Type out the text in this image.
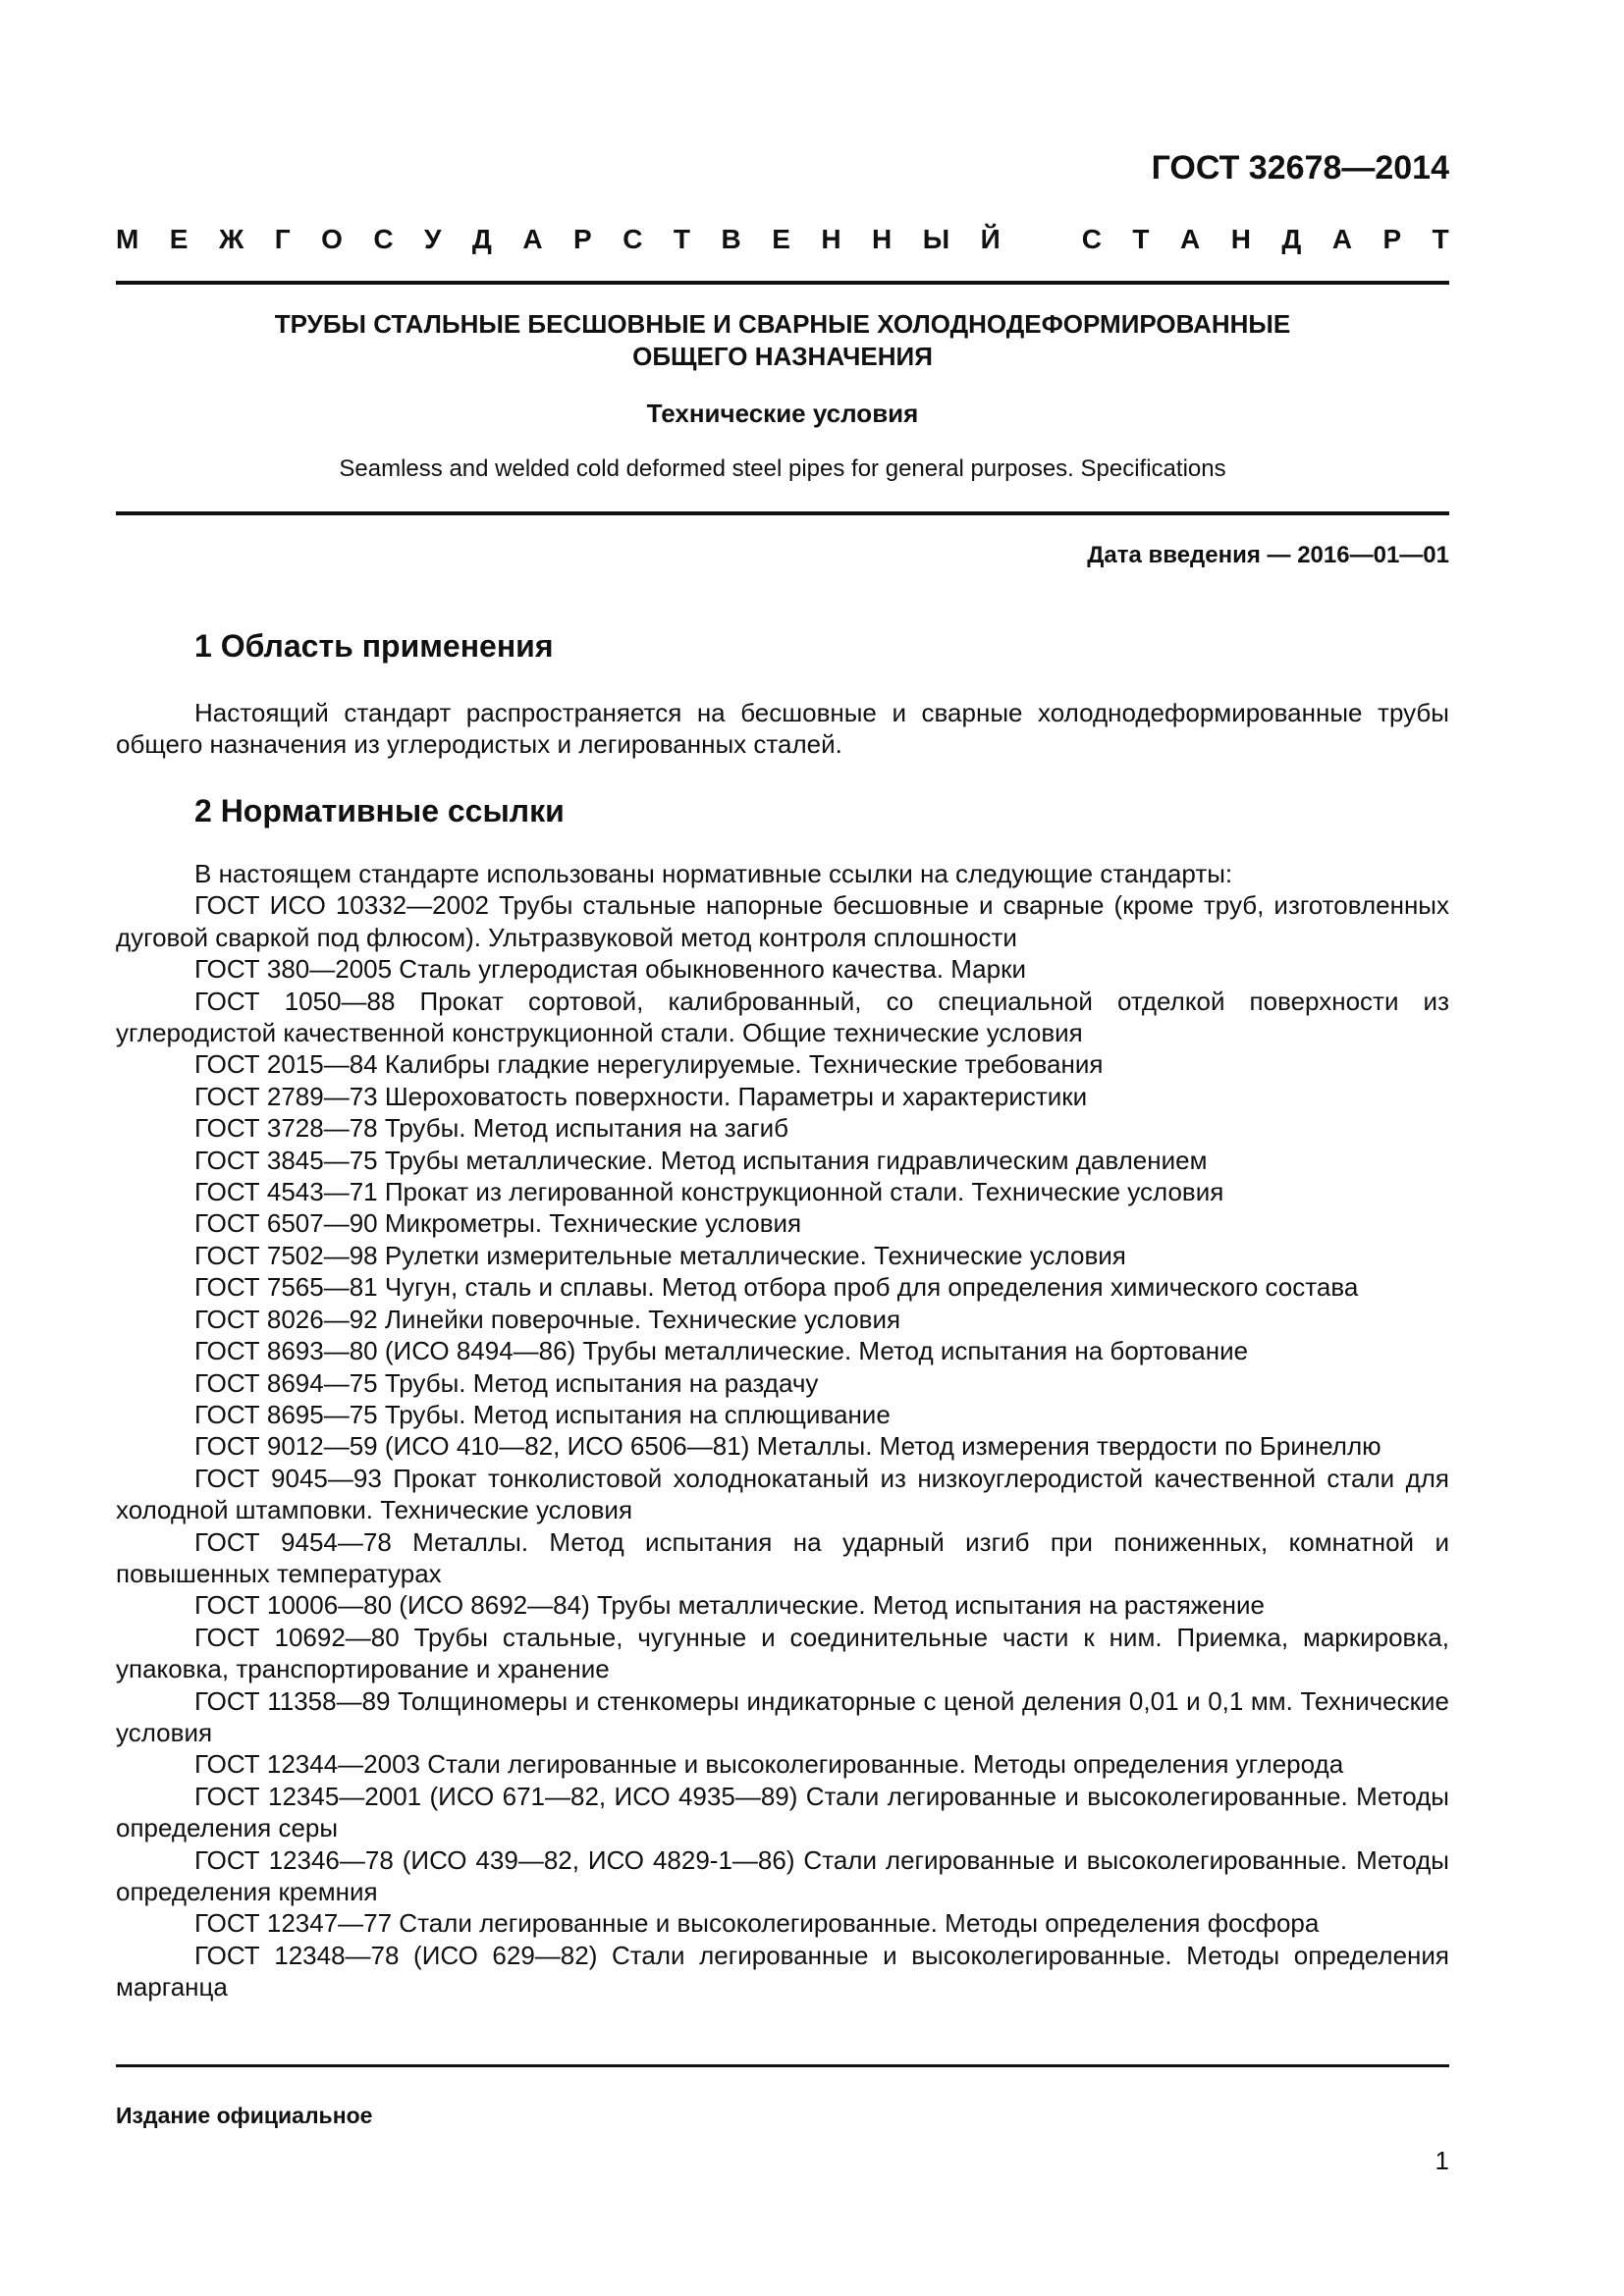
ГОСТ 32678—2014
М Е Ж Г О С У Д А Р С Т В Е Н Н Ы Й	С Т А Н Д А Р Т
ТРУБЫ СТАЛЬНЫЕ БЕСШОВНЫЕ И СВАРНЫЕ ХОЛОДНОДЕФОРМИРОВАННЫЕ
ОБЩЕГО НАЗНАЧЕНИЯ
Технические условия
Seamless and welded cold deformed steel pipes for general purposes. Specifications
Дата введения — 2016—01—01
1 Область применения

Настоящий стандарт распространяется на бесшовные и сварные холоднодеформированные трубы общего назначения из углеродистых и легированных сталей.

2 Нормативные ссылки

В настоящем стандарте использованы нормативные ссылки на следующие стандарты:

ГОСТ ИСО 10332—2002 Трубы стальные напорные бесшовные и сварные (кроме труб, изготовленных дуговой сваркой под флюсом). Ультразвуковой метод контроля сплошности

ГОСТ 380—2005 Сталь углеродистая обыкновенного качества. Марки

ГОСТ 1050—88 Прокат сортовой, калиброванный, со специальной отделкой поверхности из углеродистой качественной конструкционной стали. Общие технические условия

ГОСТ 2015—84 Калибры гладкие нерегулируемые. Технические требования

ГОСТ 2789—73 Шероховатость поверхности. Параметры и характеристики

ГОСТ 3728—78 Трубы. Метод испытания на загиб

ГОСТ 3845—75 Трубы металлические. Метод испытания гидравлическим давлением

ГОСТ 4543—71 Прокат из легированной конструкционной стали. Технические условия

ГОСТ 6507—90 Микрометры. Технические условия

ГОСТ 7502—98 Рулетки измерительные металлические. Технические условия

ГОСТ 7565—81 Чугун, сталь и сплавы. Метод отбора проб для определения химического состава

ГОСТ 8026—92 Линейки поверочные. Технические условия

ГОСТ 8693—80 (ИСО 8494—86) Трубы металлические. Метод испытания на бортование

ГОСТ 8694—75 Трубы. Метод испытания на раздачу

ГОСТ 8695—75 Трубы. Метод испытания на сплющивание

ГОСТ 9012—59 (ИСО 410—82, ИСО 6506—81) Металлы. Метод измерения твердости по Бринеллю

ГОСТ 9045—93 Прокат тонколистовой холоднокатаный из низкоуглеродистой качественной стали для холодной штамповки. Технические условия

ГОСТ 9454—78 Металлы. Метод испытания на ударный изгиб при пониженных, комнатной и повышенных температурах

ГОСТ 10006—80 (ИСО 8692—84) Трубы металлические. Метод испытания на растяжение

ГОСТ 10692—80 Трубы стальные, чугунные и соединительные части к ним. Приемка, маркировка, упаковка, транспортирование и хранение

ГОСТ 11358—89 Толщиномеры и стенкомеры индикаторные с ценой деления 0,01 и 0,1 мм. Технические условия

ГОСТ 12344—2003 Стали легированные и высоколегированные. Методы определения углерода

ГОСТ 12345—2001 (ИСО 671—82, ИСО 4935—89) Стали легированные и высоколегированные. Методы определения серы

ГОСТ 12346—78 (ИСО 439—82, ИСО 4829-1—86) Стали легированные и высоколегированные. Методы определения кремния

ГОСТ 12347—77 Стали легированные и высоколегированные. Методы определения фосфора

ГОСТ 12348—78 (ИСО 629—82) Стали легированные и высоколегированные. Методы определения марганца

Издание официальное
1
